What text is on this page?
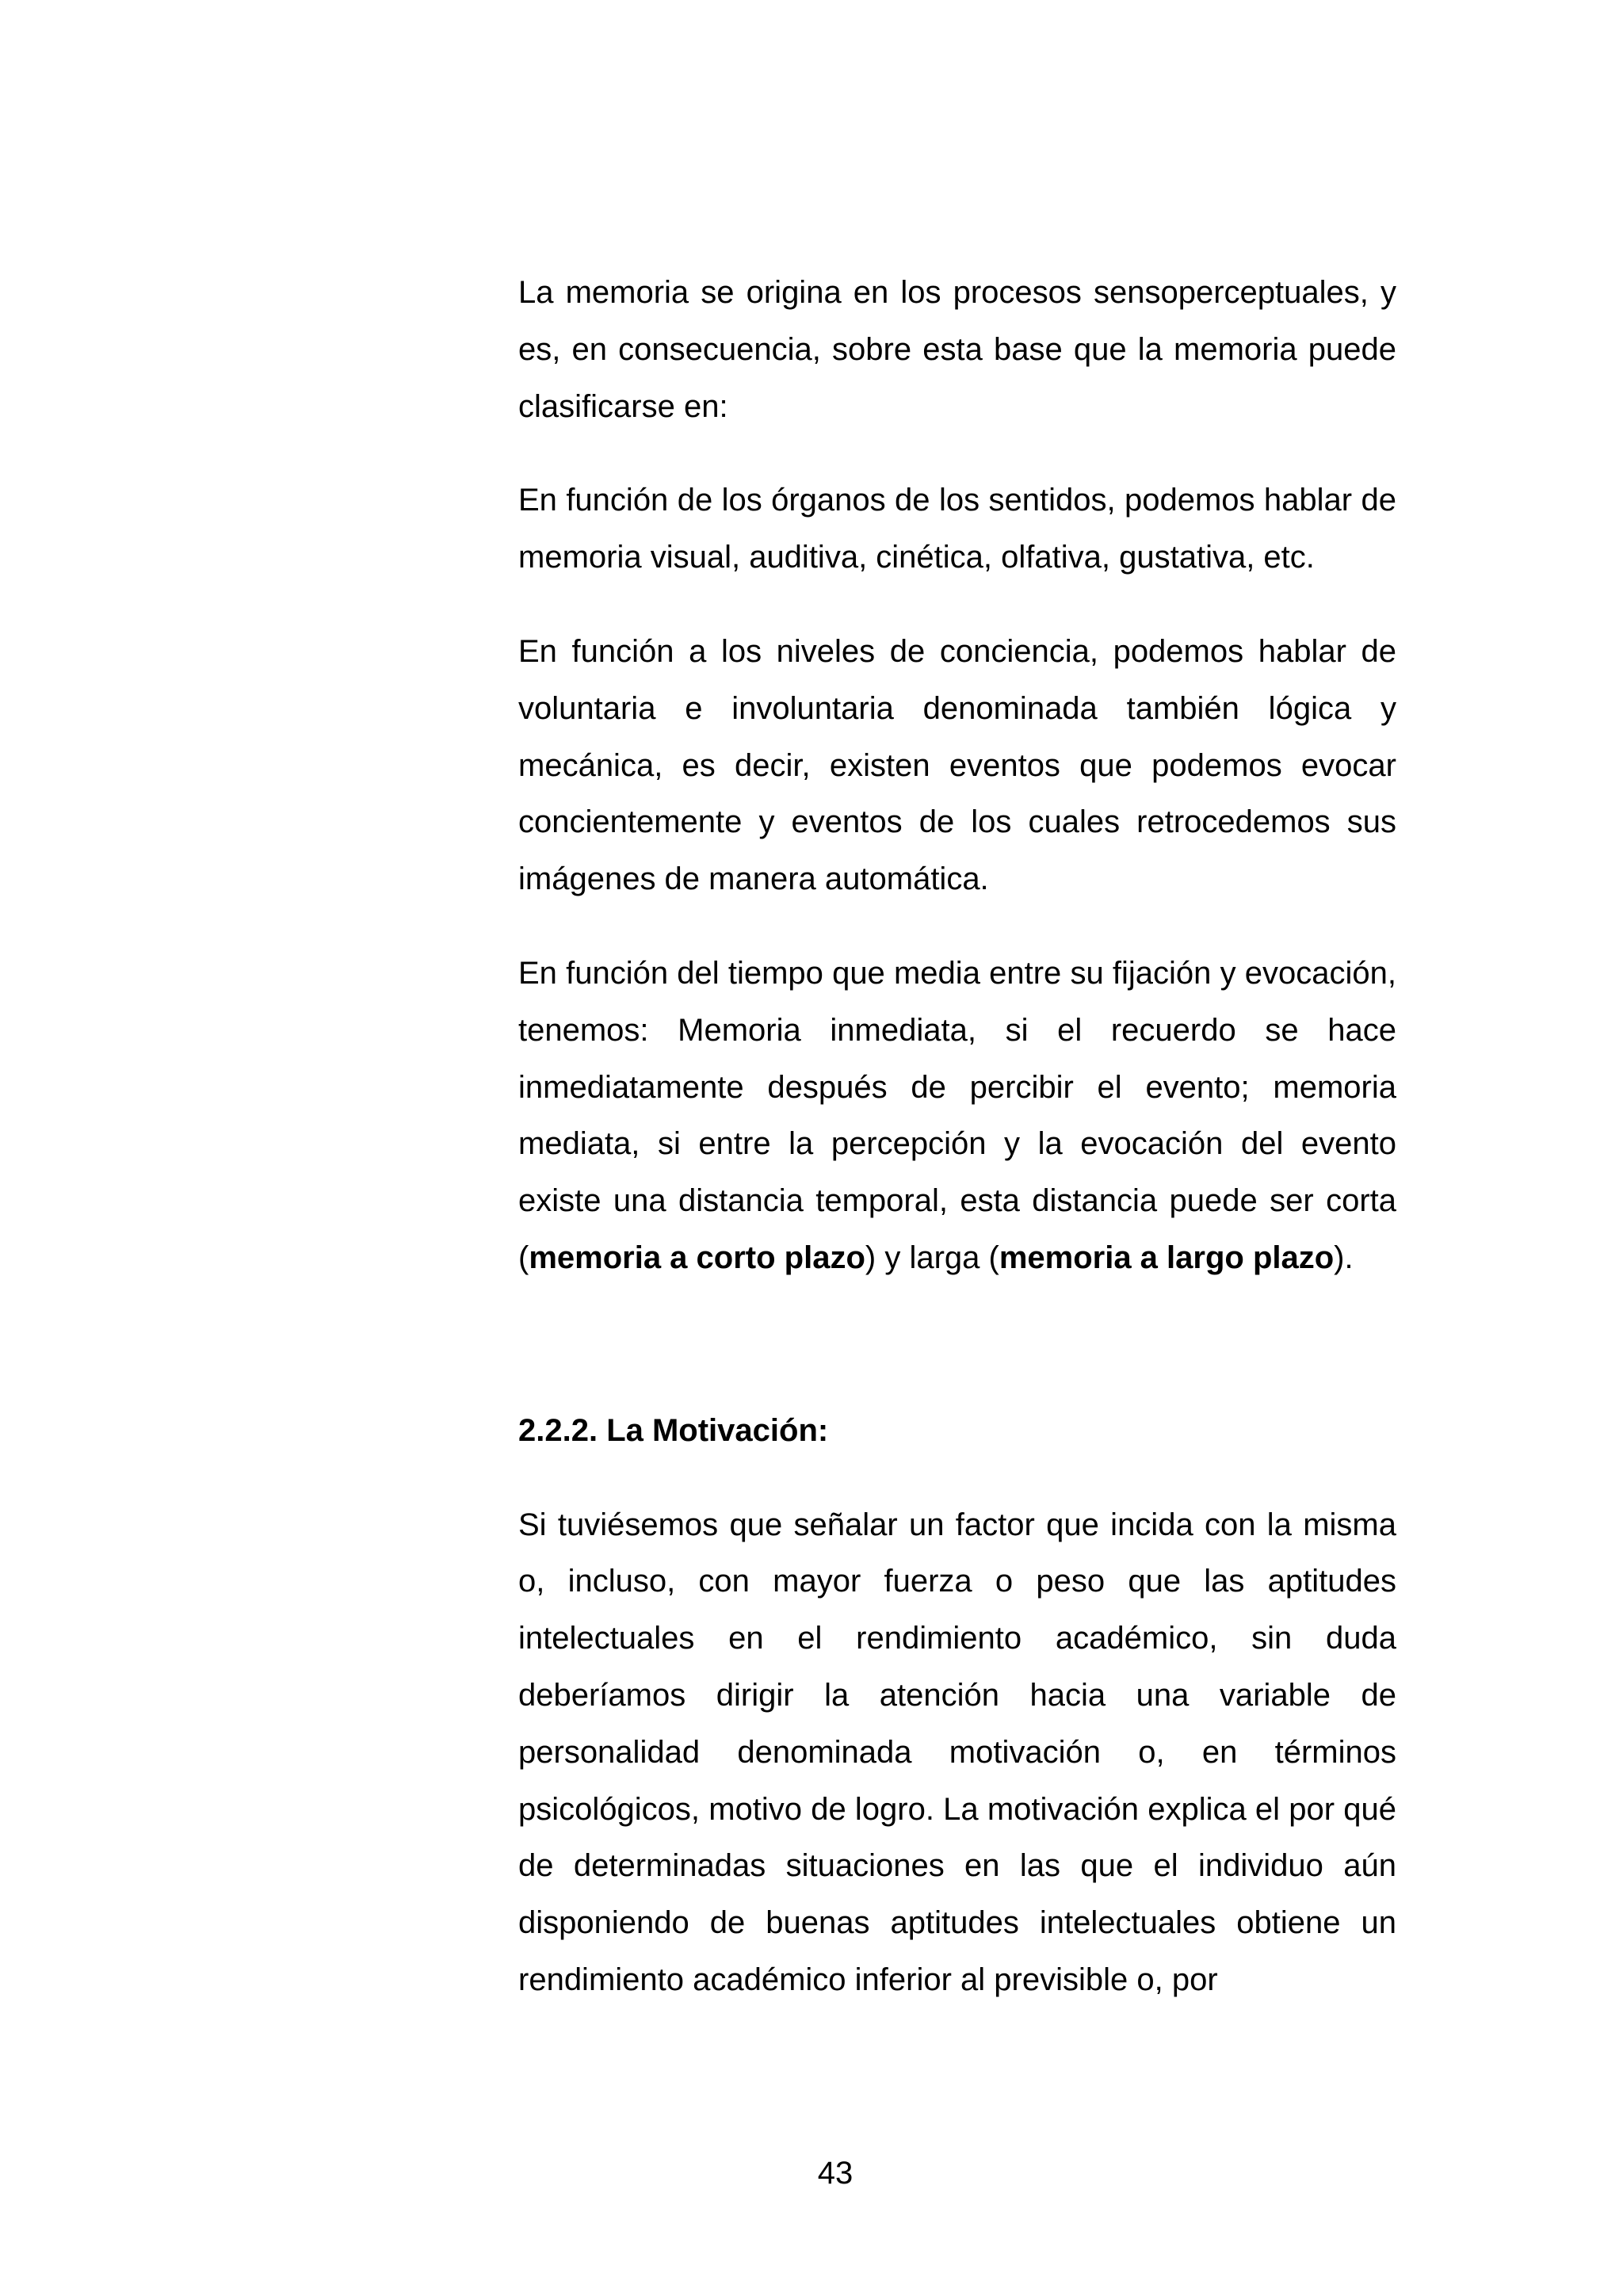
La memoria se origina en los procesos sensoperceptuales, y es, en consecuencia, sobre esta base que la memoria puede clasificarse en:

En función de los órganos de los sentidos, podemos hablar de memoria visual, auditiva, cinética, olfativa, gustativa, etc.

En función a los niveles de conciencia, podemos hablar de voluntaria e involuntaria denominada también lógica y mecánica, es decir, existen eventos que podemos evocar concientemente y eventos de los cuales retrocedemos sus imágenes de manera automática.

En función del tiempo que media entre su fijación y evocación, tenemos: Memoria inmediata, si el recuerdo se hace inmediatamente después de percibir el evento; memoria mediata, si entre la percepción y la evocación del evento existe una distancia temporal, esta distancia puede ser corta (memoria a corto plazo) y larga (memoria a largo plazo).

2.2.2. La Motivación:

Si tuviésemos que señalar un factor que incida con la misma o, incluso, con mayor fuerza o peso que las aptitudes intelectuales en el rendimiento académico, sin duda deberíamos dirigir la atención hacia una variable de personalidad denominada motivación o, en términos psicológicos, motivo de logro. La motivación explica el por qué de determinadas situaciones en las que el individuo aún disponiendo de buenas aptitudes intelectuales obtiene un rendimiento académico inferior al previsible o, por

43
